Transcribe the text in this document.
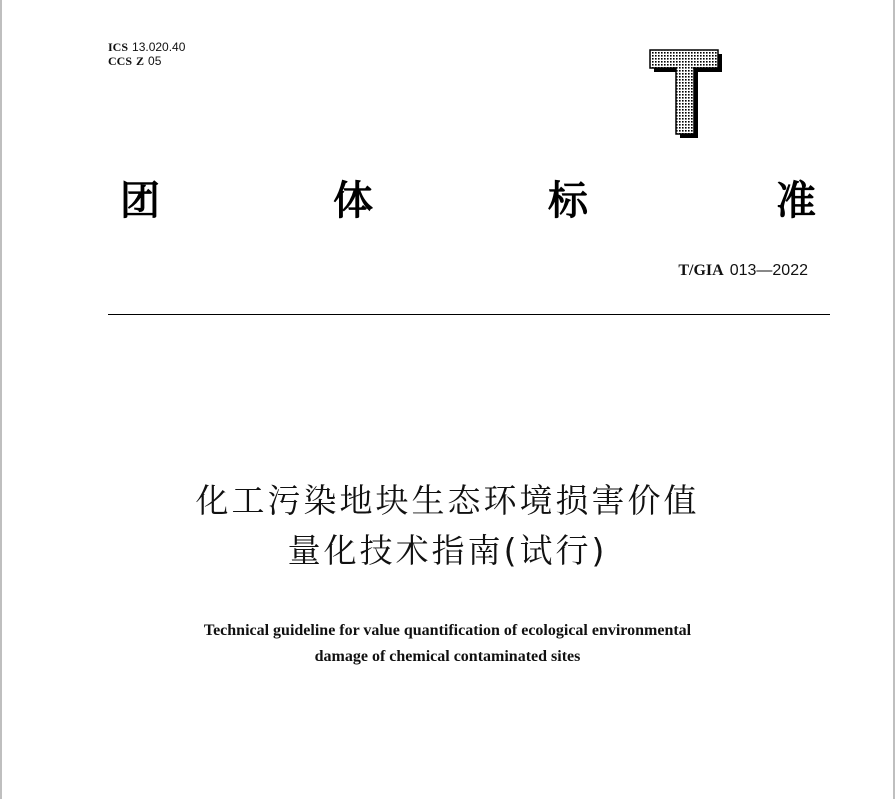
ICS 13.020.40
CCS Z 05
T
团	体	标	准
T/GIA 013—2022
化工污染地块生态环境损害价值
量化技术指南(试行)
Technical guideline for value quantification of ecological environmental
damage of chemical contaminated sites
